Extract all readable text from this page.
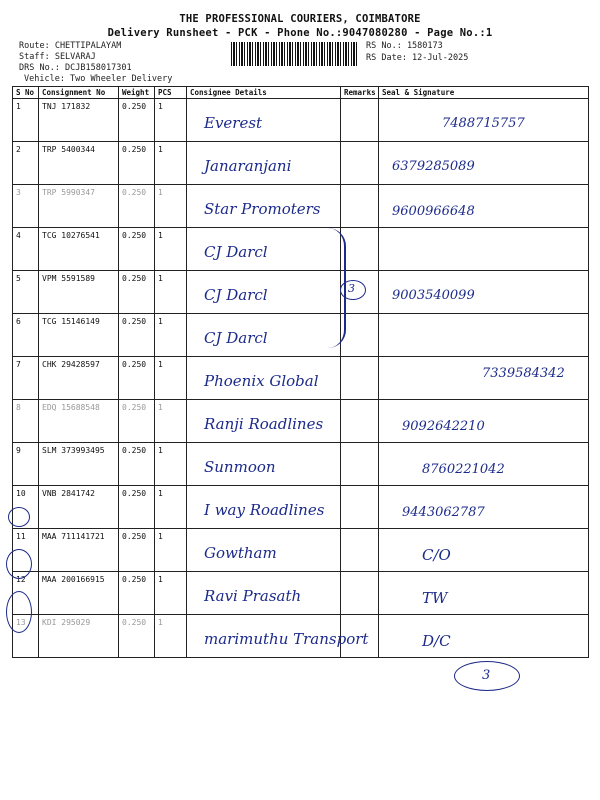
THE PROFESSIONAL COURIERS, COIMBATORE
Delivery Runsheet - PCK - Phone No.:9047080280 - Page No.:1
Route: CHETTIPALAYAM
Staff: SELVARAJ
DRS No.: DCJB158017301
Vehicle: Two Wheeler Delivery
RS No.: 1580173
RS Date: 12-Jul-2025
S No	Consignment No	Weight	PCS	Consignee Details	Remarks	Seal & Signature
1	TNJ 171832	0.250	1	Everest		7488715757

2	TRP 5400344	0.250	1	Janaranjani		6379285089

3	TRP 5990347	0.250	1	Star Promoters		9600966648

4	TCG 10276541	0.250	1	CJ Darcl		

5	VPM 5591589	0.250	1	CJ Darcl		9003540099

6	TCG 15146149	0.250	1	CJ Darcl		

7	CHK 29428597	0.250	1	Phoenix Global		7339584342

8	EDQ 15688548	0.250	1	Ranji Roadlines		9092642210

9	SLM 373993495	0.250	1	Sunmoon		8760221042

10	VNB 2841742	0.250	1	I way Roadlines		9443062787

11	MAA 711141721	0.250	1	Gowtham		C/O

12	MAA 200166915	0.250	1	Ravi Prasath		TW

13	KDI 295029	0.250	1	marimuthu Transport		D/C
3
3
